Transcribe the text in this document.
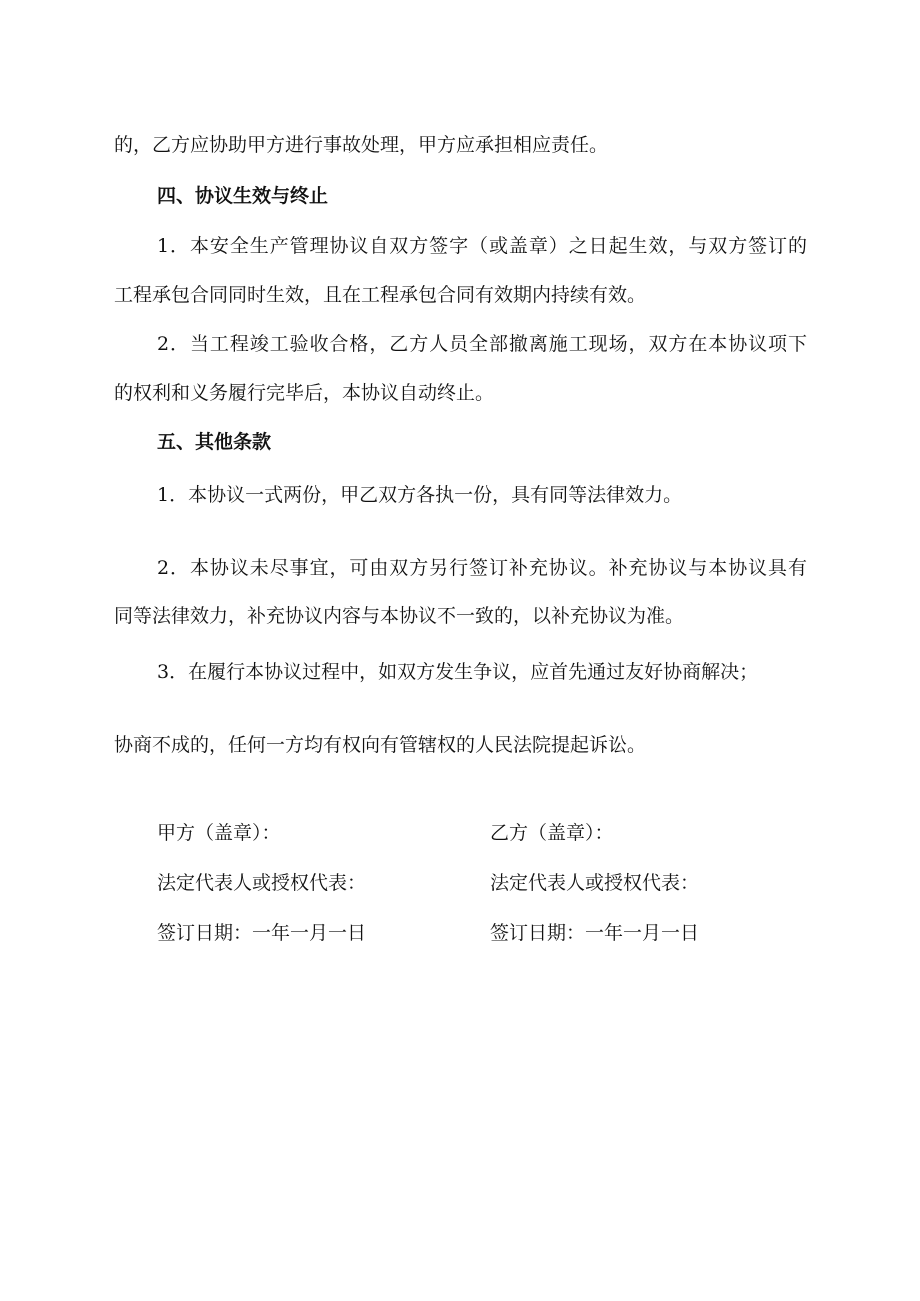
的，乙方应协助甲方进行事故处理，甲方应承担相应责任。
四、协议生效与终止
1．本安全生产管理协议自双方签字（或盖章）之日起生效，与双方签订的
工程承包合同同时生效，且在工程承包合同有效期内持续有效。
2．当工程竣工验收合格，乙方人员全部撤离施工现场，双方在本协议项下
的权利和义务履行完毕后，本协议自动终止。
五、其他条款
1．本协议一式两份，甲乙双方各执一份，具有同等法律效力。
2．本协议未尽事宜，可由双方另行签订补充协议。补充协议与本协议具有
同等法律效力，补充协议内容与本协议不一致的，以补充协议为准。
3．在履行本协议过程中，如双方发生争议，应首先通过友好协商解决；
协商不成的，任何一方均有权向有管辖权的人民法院提起诉讼。
甲方（盖章）：	乙方（盖章）：
法定代表人或授权代表：	法定代表人或授权代表：
签订日期：一年一月一日	签订日期：一年一月一日
